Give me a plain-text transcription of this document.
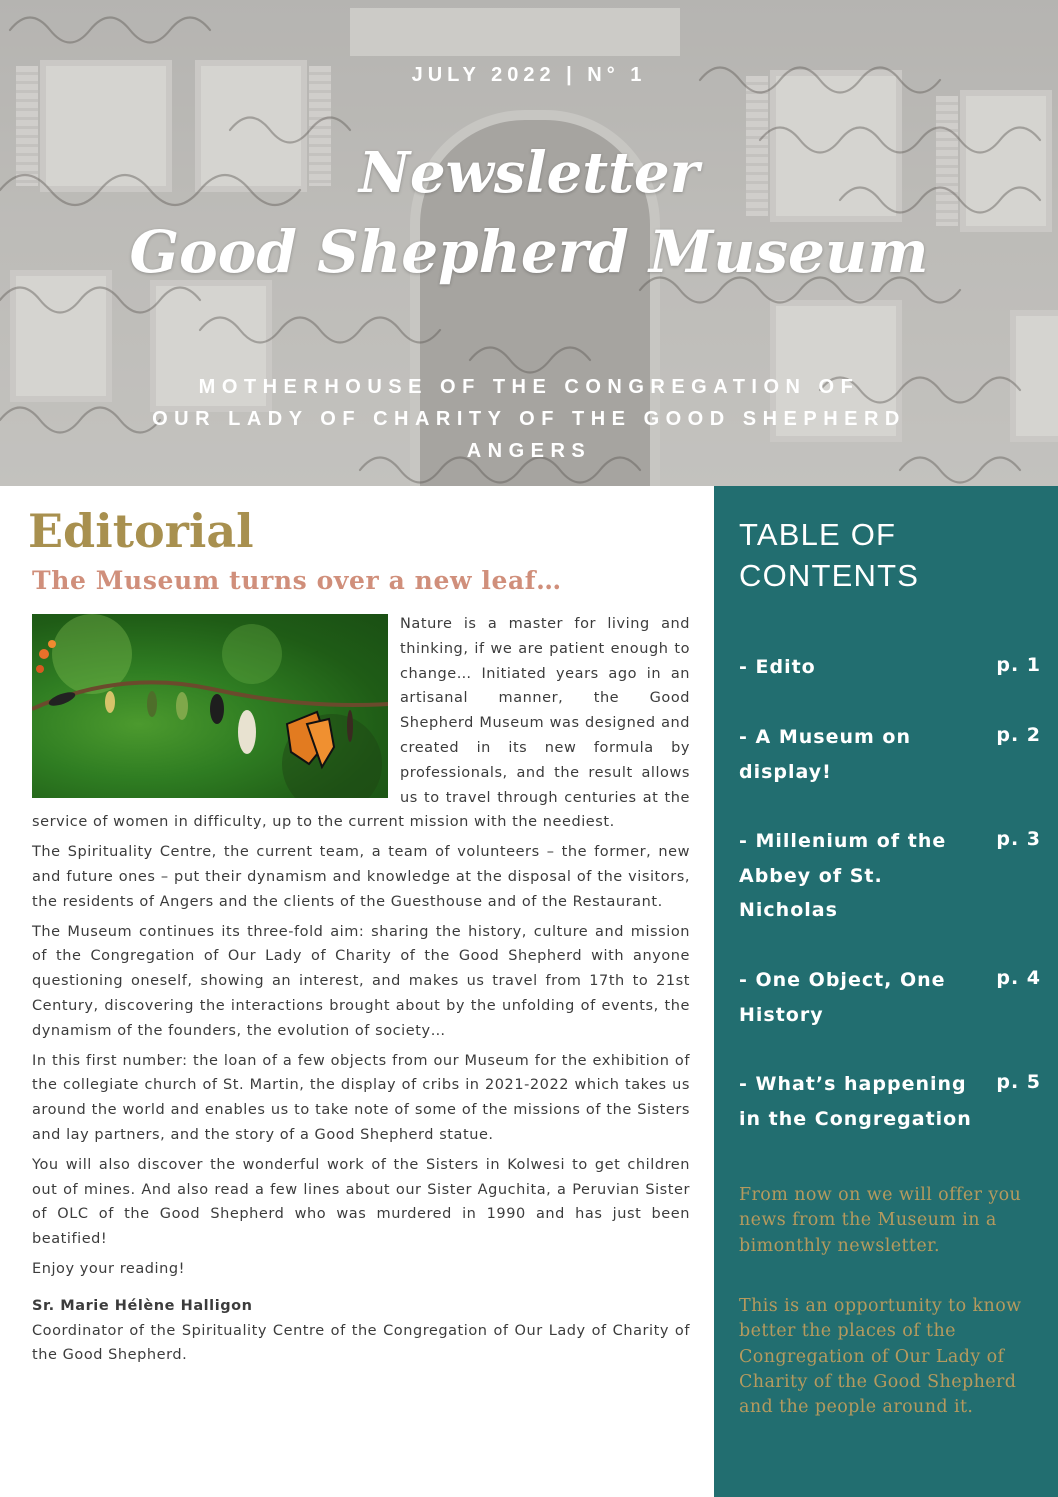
JULY 2022 | N° 1
Newsletter
Good Shepherd Museum
MOTHERHOUSE OF THE CONGREGATION OF
OUR LADY OF CHARITY OF THE GOOD SHEPHERD
ANGERS
Editorial
The Museum turns over a new leaf…

Nature is a master for living and thinking, if we are patient enough to change… Initiated years ago in an artisanal manner, the Good Shepherd Museum was designed and created in its new formula by professionals, and the result allows us to travel through centuries at the service of women in difficulty, up to the current mission with the neediest.

The Spirituality Centre, the current team, a team of volunteers – the former, new and future ones – put their dynamism and knowledge at the disposal of the visitors, the residents of Angers and the clients of the Guesthouse and of the Restaurant.

The Museum continues its three-fold aim: sharing the history, culture and mission of the Congregation of Our Lady of Charity of the Good Shepherd with anyone questioning oneself, showing an interest, and makes us travel from 17th to 21st Century, discovering the interactions brought about by the unfolding of events, the dynamism of the founders, the evolution of society…

In this first number: the loan of a few objects from our Museum for the exhibition of the collegiate church of St. Martin, the display of cribs in 2021-2022 which takes us around the world and enables us to take note of some of the missions of the Sisters and lay partners, and the story of a Good Shepherd statue.

You will also discover the wonderful work of the Sisters in Kolwesi to get children out of mines. And also read a few lines about our Sister Aguchita, a Peruvian Sister of OLC of the Good Shepherd who was murdered in 1990 and has just been beatified!

Enjoy your reading!

Sr. Marie Hélène Halligon

Coordinator of the Spirituality Centre of the Congregation of Our Lady of Charity of the Good Shepherd.

TABLE OF
CONTENTS
- Edito	p. 1
- A Museum on display!
p. 2
- Millenium of the Abbey of St. Nicholas
p. 3
- One Object, One History
p. 4
- What’s happening in the Congregation
p. 5
From now on we will offer you news from the Museum in a bimonthly newsletter.
This is an opportunity to know better the places of the Congregation of Our Lady of Charity of the Good Shepherd and the people around it.
